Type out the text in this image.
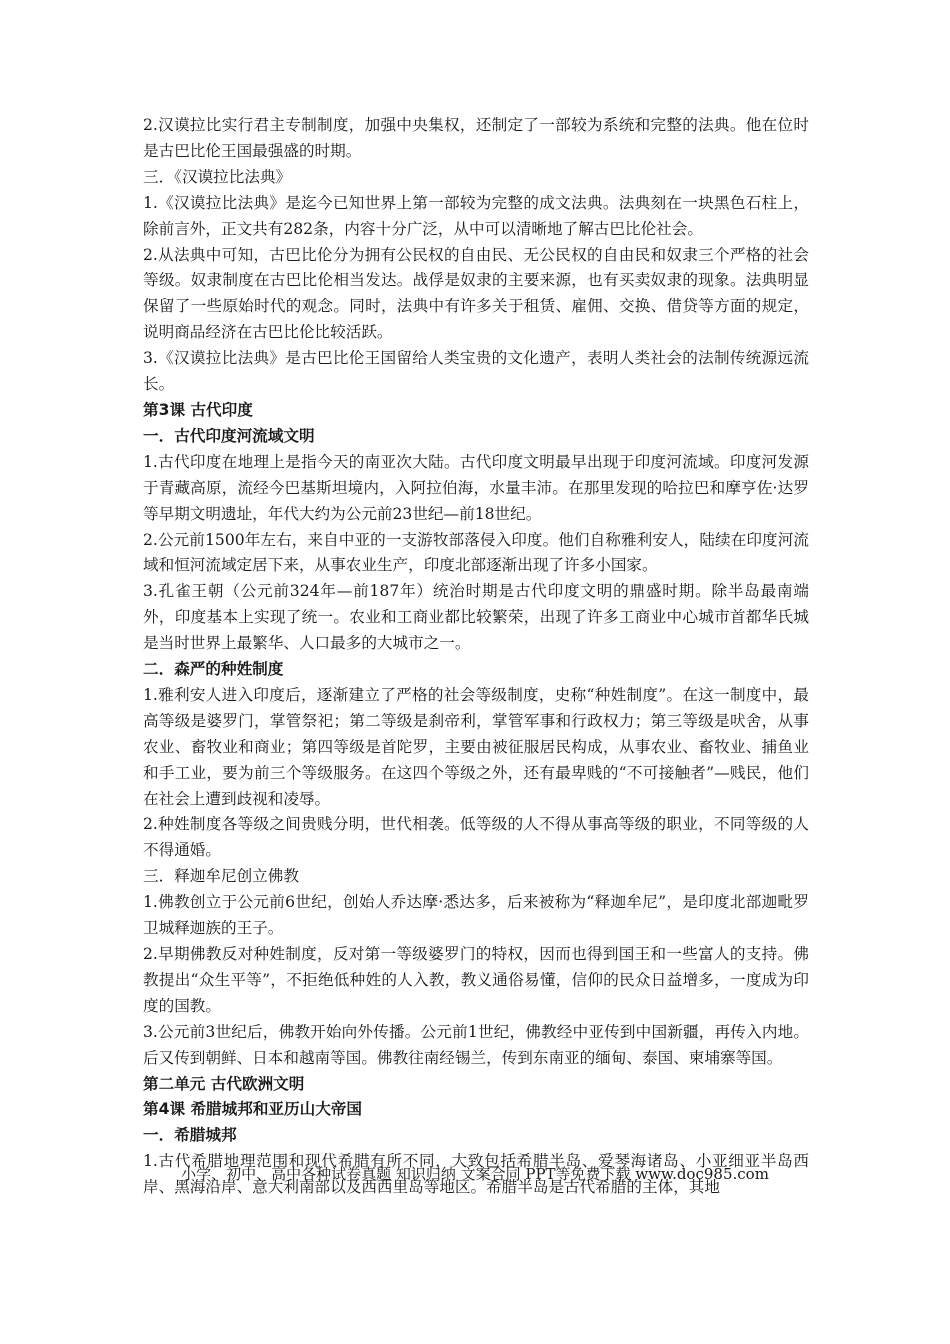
2.汉谟拉比实行君主专制制度，加强中央集权，还制定了一部较为系统和完整的法典。他在位时是古巴比伦王国最强盛的时期。

三．《汉谟拉比法典》

1.《汉谟拉比法典》是迄今已知世界上第一部较为完整的成文法典。法典刻在一块黑色石柱上，除前言外，正文共有282条，内容十分广泛，从中可以清晰地了解古巴比伦社会。

2.从法典中可知，古巴比伦分为拥有公民权的自由民、无公民权的自由民和奴隶三个严格的社会等级。奴隶制度在古巴比伦相当发达。战俘是奴隶的主要来源，也有买卖奴隶的现象。法典明显保留了一些原始时代的观念。同时，法典中有许多关于租赁、雇佣、交换、借贷等方面的规定，说明商品经济在古巴比伦比较活跃。

3.《汉谟拉比法典》是古巴比伦王国留给人类宝贵的文化遗产，表明人类社会的法制传统源远流长。

第3课 古代印度

一．古代印度河流域文明

1.古代印度在地理上是指今天的南亚次大陆。古代印度文明最早出现于印度河流域。印度河发源于青藏高原，流经今巴基斯坦境内，入阿拉伯海，水量丰沛。在那里发现的哈拉巴和摩亨佐·达罗等早期文明遗址，年代大约为公元前23世纪—前18世纪。

2.公元前1500年左右，来自中亚的一支游牧部落侵入印度。他们自称雅利安人，陆续在印度河流域和恒河流域定居下来，从事农业生产，印度北部逐渐出现了许多小国家。

3.孔雀王朝（公元前324年—前187年）统治时期是古代印度文明的鼎盛时期。除半岛最南端外，印度基本上实现了统一。农业和工商业都比较繁荣，出现了许多工商业中心城市首都华氏城是当时世界上最繁华、人口最多的大城市之一。

二．森严的种姓制度

1.雅利安人进入印度后，逐渐建立了严格的社会等级制度，史称“种姓制度”。在这一制度中，最高等级是婆罗门，掌管祭祀；第二等级是刹帝利，掌管军事和行政权力；第三等级是吠舍，从事农业、畜牧业和商业；第四等级是首陀罗，主要由被征服居民构成，从事农业、畜牧业、捕鱼业和手工业，要为前三个等级服务。在这四个等级之外，还有最卑贱的“不可接触者”—贱民，他们在社会上遭到歧视和凌辱。

2.种姓制度各等级之间贵贱分明，世代相袭。低等级的人不得从事高等级的职业，不同等级的人不得通婚。

三．释迦牟尼创立佛教

1.佛教创立于公元前6世纪，创始人乔达摩·悉达多，后来被称为“释迦牟尼”，是印度北部迦毗罗卫城释迦族的王子。

2.早期佛教反对种姓制度，反对第一等级婆罗门的特权，因而也得到国王和一些富人的支持。佛教提出“众生平等”，不拒绝低种姓的人入教，教义通俗易懂，信仰的民众日益增多，一度成为印度的国教。

3.公元前3世纪后，佛教开始向外传播。公元前1世纪，佛教经中亚传到中国新疆，再传入内地。后又传到朝鲜、日本和越南等国。佛教往南经锡兰，传到东南亚的缅甸、泰国、柬埔寨等国。

第二单元 古代欧洲文明

第4课 希腊城邦和亚历山大帝国

一．希腊城邦

1.古代希腊地理范围和现代希腊有所不同，大致包括希腊半岛、爱琴海诸岛、小亚细亚半岛西岸、黑海沿岸、意大利南部以及西西里岛等地区。希腊半岛是古代希腊的主体，其地

小学、初中、高中各种试卷真题 知识归纳 文案合同 PPT等免费下载 www.doc985.com
